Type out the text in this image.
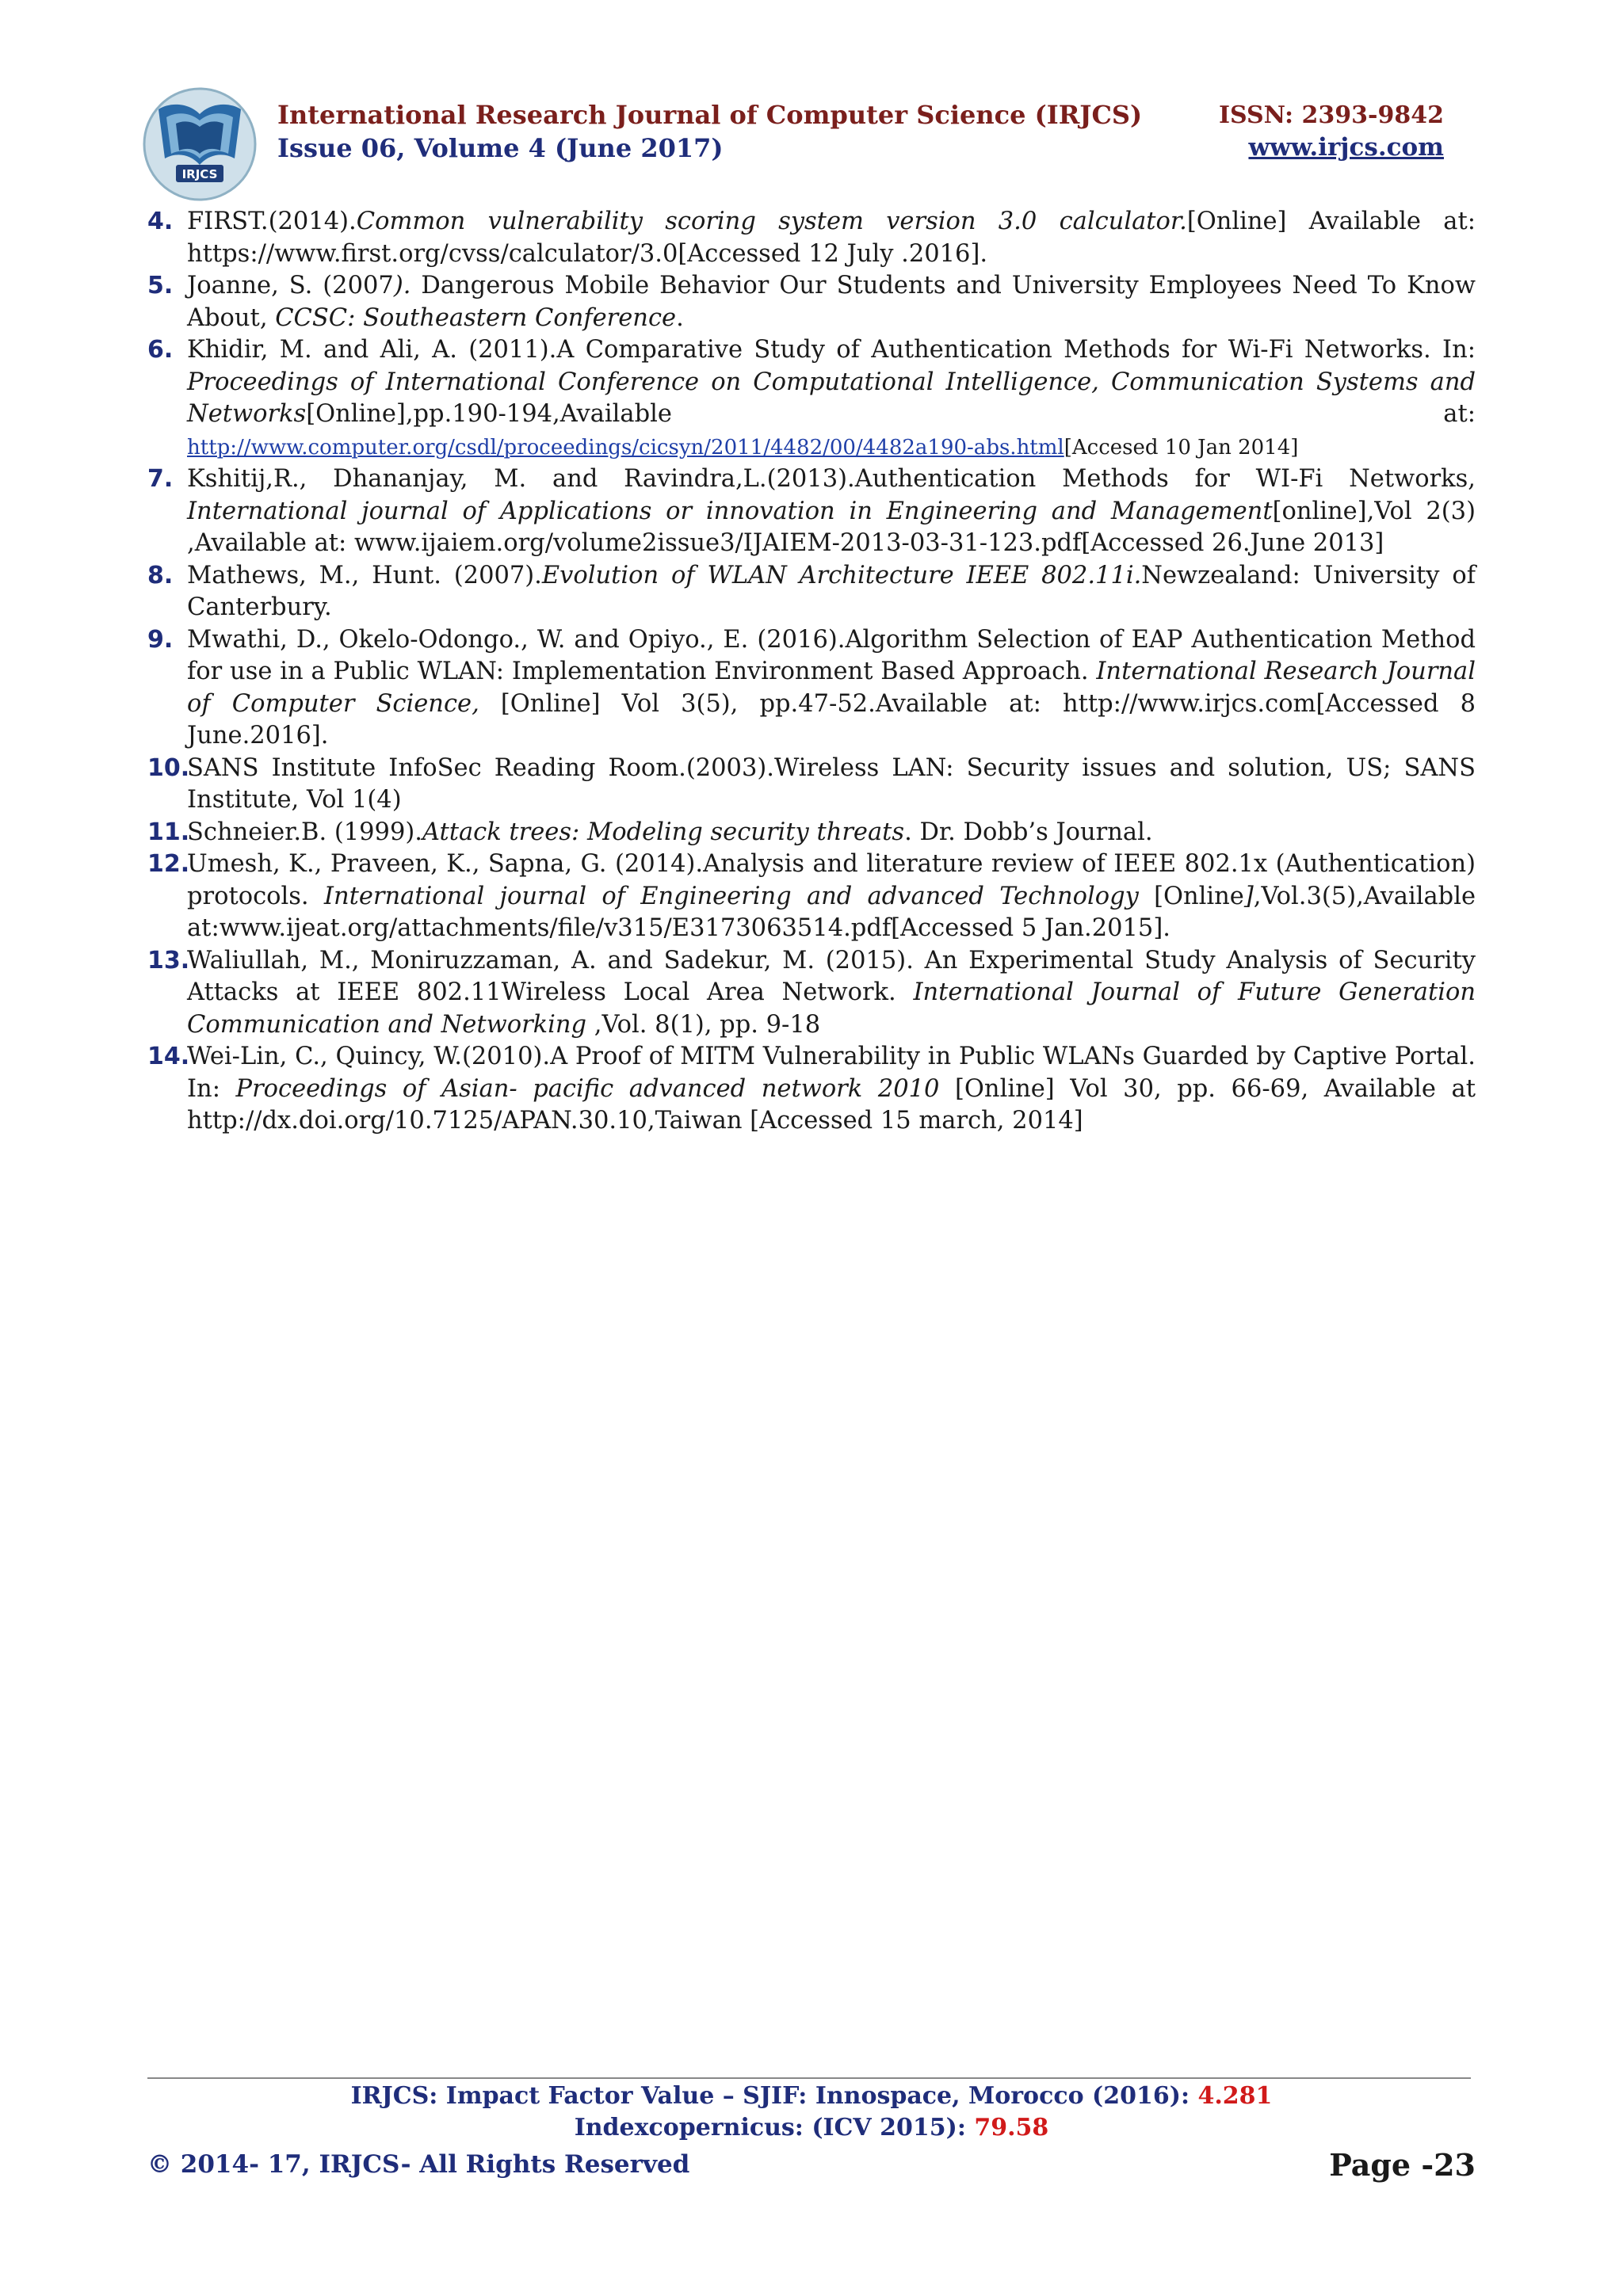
IRJCS
International Research Journal of Computer Science (IRJCS)
Issue 06, Volume 4 (June 2017)
ISSN: 2393-9842
www.irjcs.com
4. FIRST.(2014).Common vulnerability scoring system version 3.0 calculator.[Online] Available at: https://www.first.org/cvss/calculator/3.0[Accessed 12 July .2016].
5. Joanne, S. (2007). Dangerous Mobile Behavior Our Students and University Employees Need To Know About, CCSC: Southeastern Conference.
6. Khidir, M. and Ali, A. (2011).A Comparative Study of Authentication Methods for Wi-Fi Networks. In: Proceedings of International Conference on Computational Intelligence, Communication Systems and Networks[Online],pp.190-194,Available	at:

http://www.computer.org/csdl/proceedings/cicsyn/2011/4482/00/4482a190-abs.html[Accesed 10 Jan 2014]
7. Kshitij,R., Dhananjay, M. and Ravindra,L.(2013).Authentication Methods for WI-Fi Networks, International journal of Applications or innovation in Engineering and Management[online],Vol 2(3) ,Available at: www.ijaiem.org/volume2issue3/IJAIEM-2013-03-31-123.pdf[Accessed 26.June 2013]
8. Mathews, M., Hunt. (2007).Evolution of WLAN Architecture IEEE 802.11i.Newzealand: University of Canterbury.
9. Mwathi, D., Okelo-Odongo., W. and Opiyo., E. (2016).Algorithm Selection of EAP Authentication Method for use in a Public WLAN: Implementation Environment Based Approach. International Research Journal of Computer Science, [Online] Vol 3(5), pp.47-52.Available at: http://www.irjcs.com[Accessed 8 June.2016].
10.
SANS Institute InfoSec Reading Room.(2003).Wireless LAN: Security issues and solution, US; SANS Institute, Vol 1(4)
11.
Schneier.B. (1999).Attack trees: Modeling security threats. Dr. Dobb’s Journal.
12.
Umesh, K., Praveen, K., Sapna, G. (2014).Analysis and literature review of IEEE 802.1x (Authentication) protocols. International journal of Engineering and advanced Technology [Online],Vol.3(5),Available at:www.ijeat.org/attachments/file/v315/E3173063514.pdf[Accessed 5 Jan.2015].
13.
Waliullah, M., Moniruzzaman, A. and Sadekur, M. (2015). An Experimental Study Analysis of Security Attacks at IEEE 802.11Wireless Local Area Network. International Journal of Future Generation Communication and Networking ,Vol. 8(1), pp. 9-18
14.
Wei-Lin, C., Quincy, W.(2010).A Proof of MITM Vulnerability in Public WLANs Guarded by Captive Portal. In: Proceedings of Asian- pacific advanced network 2010 [Online] Vol 30, pp. 66-69, Available at http://dx.doi.org/10.7125/APAN.30.10,Taiwan [Accessed 15 march, 2014]
IRJCS: Impact Factor Value – SJIF: Innospace, Morocco (2016): 4.281
Indexcopernicus: (ICV 2015): 79.58
© 2014- 17, IRJCS- All Rights Reserved	Page -23
